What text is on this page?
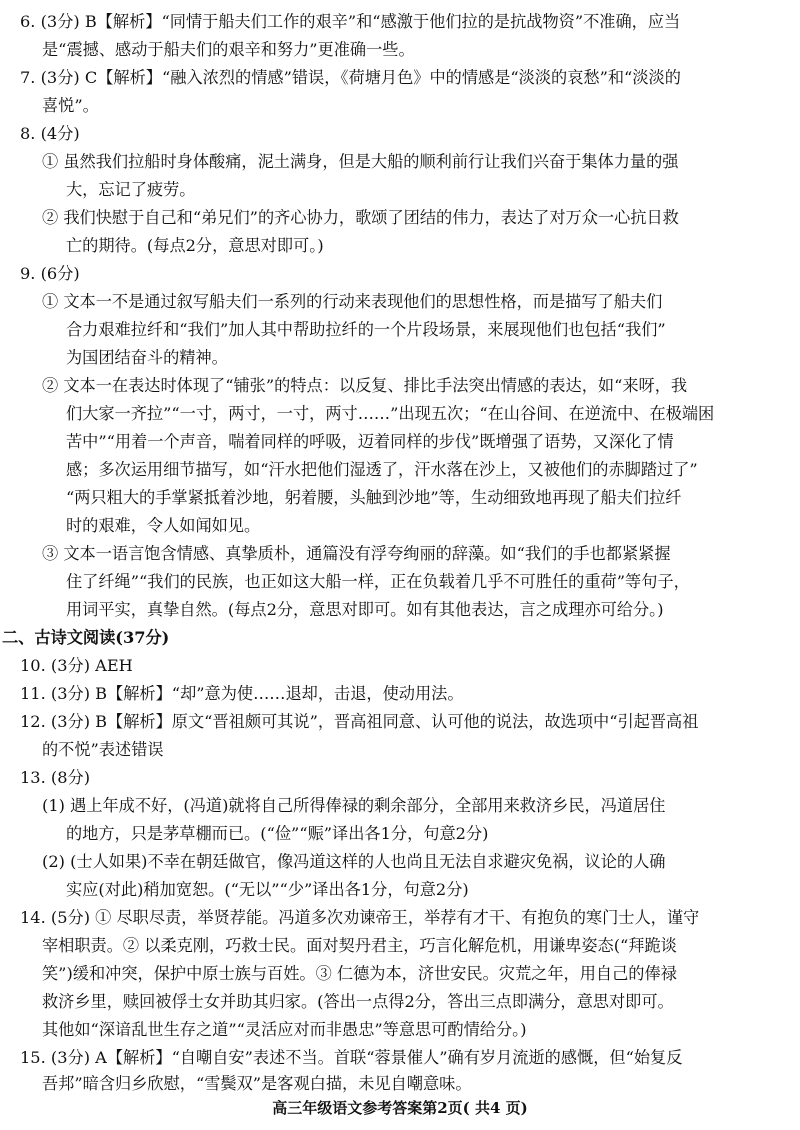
6. (3分) B【解析】“同情于船夫们工作的艰辛”和“感激于他们拉的是抗战物资”不准确，应当
是“震撼、感动于船夫们的艰辛和努力”更准确一些。
7. (3分) C【解析】“融入浓烈的情感”错误，《荷塘月色》中的情感是“淡淡的哀愁”和“淡淡的
喜悦”。
8. (4分)
① 虽然我们拉船时身体酸痛，泥土满身，但是大船的顺利前行让我们兴奋于集体力量的强
大，忘记了疲劳。
② 我们快慰于自己和“弟兄们”的齐心协力，歌颂了团结的伟力，表达了对万众一心抗日救
亡的期待。(每点2分，意思对即可。)
9. (6分)
① 文本一不是通过叙写船夫们一系列的行动来表现他们的思想性格，而是描写了船夫们
合力艰难拉纤和“我们”加人其中帮助拉纤的一个片段场景，来展现他们也包括“我们”
为国团结奋斗的精神。
② 文本一在表达时体现了“铺张”的特点：以反复、排比手法突出情感的表达，如“来呀，我
们大家一齐拉”“一寸，两寸，一寸，两寸……”出现五次；“在山谷间、在逆流中、在极端困
苦中”“用着一个声音，喘着同样的呼吸，迈着同样的步伐”既增强了语势，又深化了情
感；多次运用细节描写，如“汗水把他们湿透了，汗水落在沙上，又被他们的赤脚踏过了”
“两只粗大的手掌紧抵着沙地，躬着腰，头触到沙地”等，生动细致地再现了船夫们拉纤
时的艰难，令人如闻如见。
③ 文本一语言饱含情感、真挚质朴，通篇没有浮夸绚丽的辞藻。如“我们的手也都紧紧握
住了纤绳”“我们的民族，也正如这大船一样，正在负载着几乎不可胜任的重荷”等句子，
用词平实，真挚自然。(每点2分，意思对即可。如有其他表达，言之成理亦可给分。)
二、古诗文阅读(37分)
10. (3分) AEH
11. (3分) B【解析】“却”意为使……退却，击退，使动用法。
12. (3分) B【解析】原文“晋祖颇可其说”，晋高祖同意、认可他的说法，故选项中“引起晋高祖
的不悦”表述错误
13. (8分)
(1) 遇上年成不好，(冯道)就将自己所得俸禄的剩余部分，全部用来救济乡民，冯道居住
的地方，只是茅草棚而已。(“俭”“赈”译出各1分，句意2分)
(2) (士人如果)不幸在朝廷做官，像冯道这样的人也尚且无法自求避灾免祸，议论的人确
实应(对此)稍加宽恕。(“无以”“少”译出各1分，句意2分)
14. (5分) ① 尽职尽责，举贤荐能。冯道多次劝谏帝王，举荐有才干、有抱负的寒门士人，谨守
宰相职责。② 以柔克刚，巧救士民。面对契丹君主，巧言化解危机，用谦卑姿态(“拜跪谈
笑”)缓和冲突，保护中原士族与百姓。③ 仁德为本，济世安民。灾荒之年，用自己的俸禄
救济乡里，赎回被俘士女并助其归家。(答出一点得2分，答出三点即满分，意思对即可。
其他如“深谙乱世生存之道”“灵活应对而非愚忠”等意思可酌情给分。)
15. (3分) A【解析】“自嘲自安”表述不当。首联“蓉景催人”确有岁月流逝的感慨，但“始复反
吾邦”暗含归乡欣慰，“雪鬓双”是客观白描，未见自嘲意味。
高三年级语文参考答案第2页( 共4 页)
